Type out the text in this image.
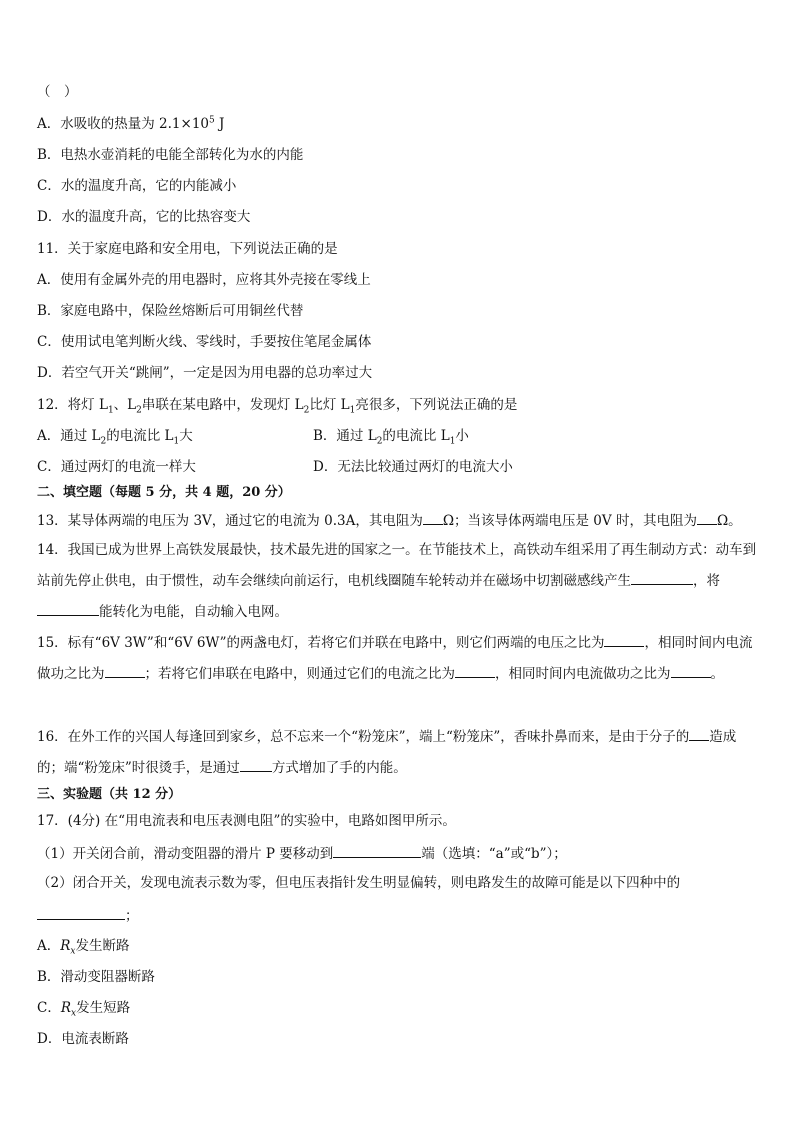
（　）
A．水吸收的热量为 $2.1\times 10^5$ J
B．电热水壶消耗的电能全部转化为水的内能
C．水的温度升高，它的内能减小
D．水的温度升高，它的比热容变大
11．关于家庭电路和安全用电，下列说法正确的是
A．使用有金属外壳的用电器时，应将其外壳接在零线上
B．家庭电路中，保险丝熔断后可用铜丝代替
C．使用试电笔判断火线、零线时，手要按住笔尾金属体
D．若空气开关“跳闸”，一定是因为用电器的总功率过大
12．将灯 $L_1$、$L_2$串联在某电路中，发现灯 $L_2$比灯 $L_1$亮很多，下列说法正确的是
A．通过 $L_2$的电流比 $L_1$大	B．通过 $L_2$的电流比 $L_1$小
C．通过两灯的电流一样大	D．无法比较通过两灯的电流大小
二、填空题（每题 5 分，共 4 题，20 分）
13．某导体两端的电压为 3V，通过它的电流为 0.3A，其电阻为 Ω；当该导体两端电压是 0V 时，其电阻为 Ω。
14．我国已成为世界上高铁发展最快，技术最先进的国家之一。在节能技术上，高铁动车组采用了再生制动方式：动车到站前先停止供电，由于惯性，动车会继续向前运行，电机线圈随车轮转动并在磁场中切割磁感线产生	，将能转化为电能，自动输入电网。
15．标有“6V 3W”和“6V 6W”的两盏电灯，若将它们并联在电路中，则它们两端的电压之比为	，相同时间内电流做功之比为	；若将它们串联在电路中，则通过它们的电流之比为	，相同时间内电流做功之比为	。
16．在外工作的兴国人每逢回到家乡，总不忘来一个“粉笼床”，端上“粉笼床”，香味扑鼻而来，是由于分子的 造成的；端“粉笼床”时很烫手，是通过 方式增加了手的内能。
三、实验题（共 12 分）
17．(4分) 在“用电流表和电压表测电阻”的实验中，电路如图甲所示。
（1）开关闭合前，滑动变阻器的滑片 P 要移动到	端（选填：“a”或“b”）；
（2）闭合开关，发现电流表示数为零，但电压表指针发生明显偏转，则电路发生的故障可能是以下四种中的
；
A．$R_x$发生断路
B．滑动变阻器断路
C．$R_x$发生短路
D．电流表断路
